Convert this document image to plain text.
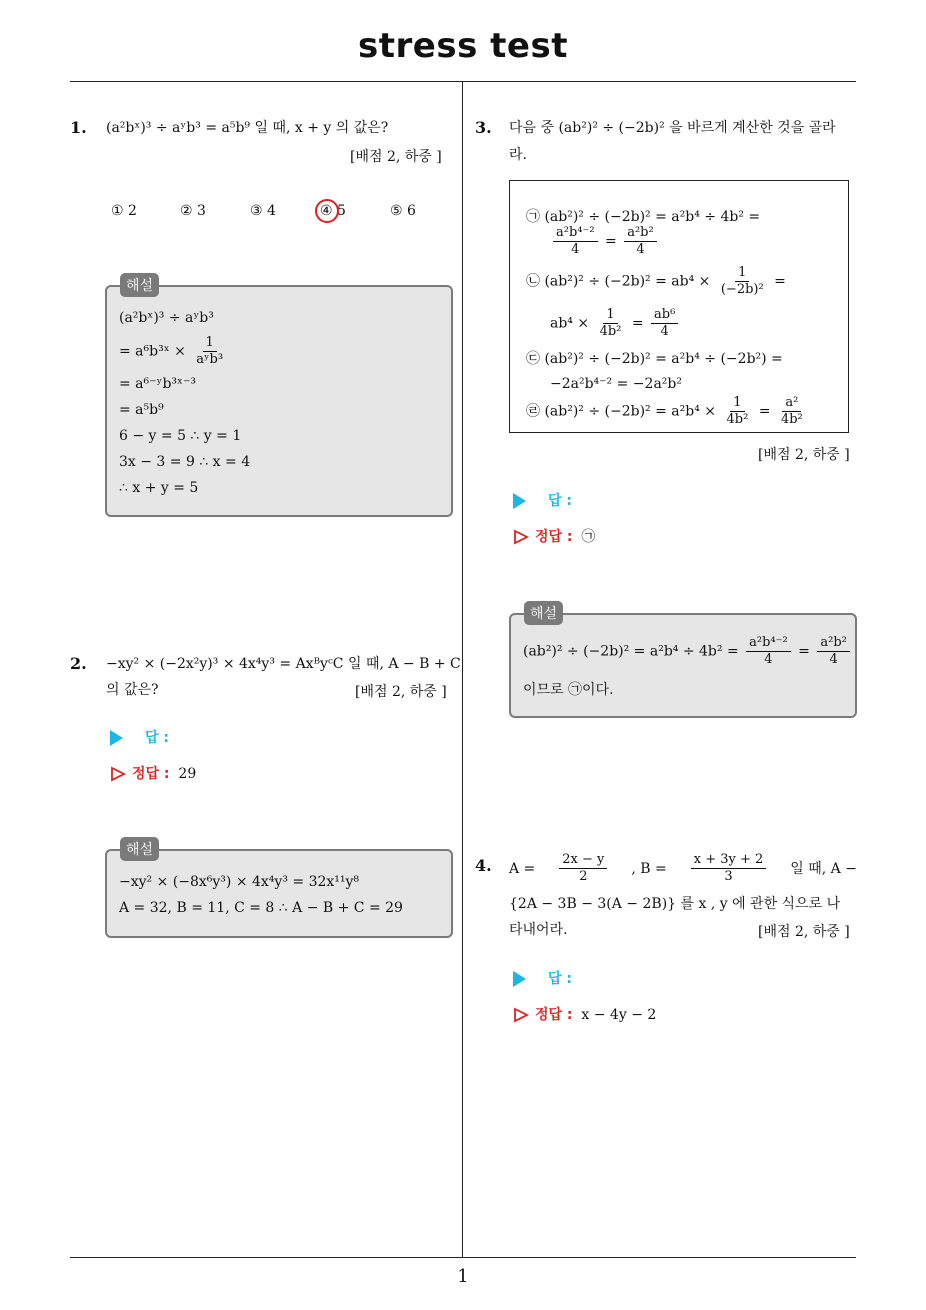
stress test
1
1. (a²bˣ)³ ÷ aʸb³ = a⁵b⁹ 일 때, x + y 의 값은?
[배점 2, 하중 ]
① 2	② 3	③ 4	④ 5	⑤ 6
(a²bˣ)³ ÷ aʸb³
= a⁶b³ˣ × $\frac{1}{\text{aʸb³}}$
= a⁶⁻ʸb³ˣ⁻³
= a⁵b⁹
6 − y = 5 ∴ y = 1
3x − 3 = 9 ∴ x = 4
∴ x + y = 5
해설
2. −xy² × (−2x²y)³ × 4x⁴y³ = AxᴮyᶜC 일 때, A − B + C
의 값은?	[배점 2, 하중 ]
답 :
정답 : 29
−xy² × (−8x⁶y³) × 4x⁴y³ = 32x¹¹y⁸
A = 32, B = 11, C = 8 ∴ A − B + C = 29
해설
3. 다음 중 (ab²)² ÷ (−2b)² 을 바르게 계산한 것을 골라
라.
㉠ (ab²)² ÷ (−2b)² = a²b⁴ ÷ 4b² =
$\frac{\text{a²b⁴⁻²}}{4} = \frac{\text{a²b²}}{4}$
㉡ $(ab^2)^2 \div (-2b)^2 = ab^4 \times \frac{1}{\text{(−2b)²}}$ =
$ab^4 \times \frac{1}{\text{4b²}} = \frac{\text{ab⁶}}{4}$
㉢ (ab²)² ÷ (−2b)² = a²b⁴ ÷ (−2b²) =
−2a²b⁴⁻² = −2a²b²
㉣ $(ab^2)^2 \div (-2b)^2 = a^2b^4 \times \frac{1}{\text{4b²}} = \frac{\text{a²}}{\text{4b²}}$
[배점 2, 하중 ]
답 :
정답 : ㉠
$(ab^2)^2 \div (-2b)^2 = a^2b^4 \div 4b^2 = \frac{\text{a²b⁴⁻²}}{4} = \frac{\text{a²b²}}{4}$
이므로 ㉠이다.
해설
4. $A = \frac{2x - y}{2}$ , $B = \frac{x + 3y + 2}{3}$ 일 때, A −
{2A − 3B − 3(A − 2B)} 를 x , y 에 관한 식으로 나
타내어라.	[배점 2, 하중 ]
답 :
정답 : x − 4y − 2
